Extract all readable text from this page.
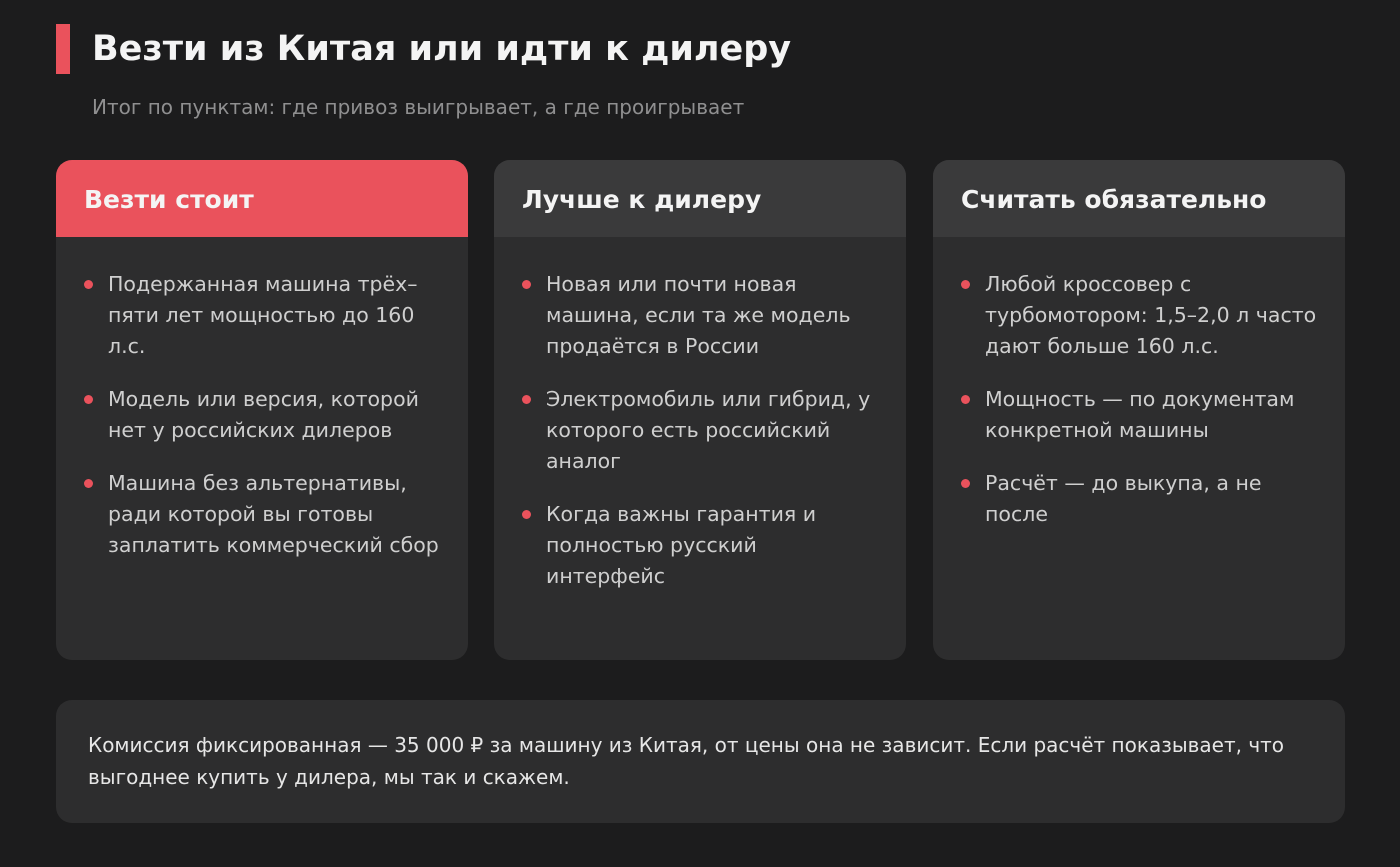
Везти из Китая или идти к дилеру

Итог по пунктам: где привоз выигрывает, а где проигрывает

Везти стоит
Подержанная машина трёх–пяти лет мощностью до 160 л.с.
Модель или версия, которой нет у российских дилеров
Машина без альтернативы, ради которой вы готовы заплатить коммерческий сбор
Лучше к дилеру
Новая или почти новая машина, если та же модель продаётся в России
Электромобиль или гибрид, у которого есть российский аналог
Когда важны гарантия и полностью русский интерфейс
Считать обязательно
Любой кроссовер с турбомотором: 1,5–2,0 л часто дают больше 160 л.с.
Мощность — по документам конкретной машины
Расчёт — до выкупа, а не после

Комиссия фиксированная — 35 000 ₽ за машину из Китая, от цены она не зависит. Если расчёт показывает, что выгоднее купить у дилера, мы так и скажем.
